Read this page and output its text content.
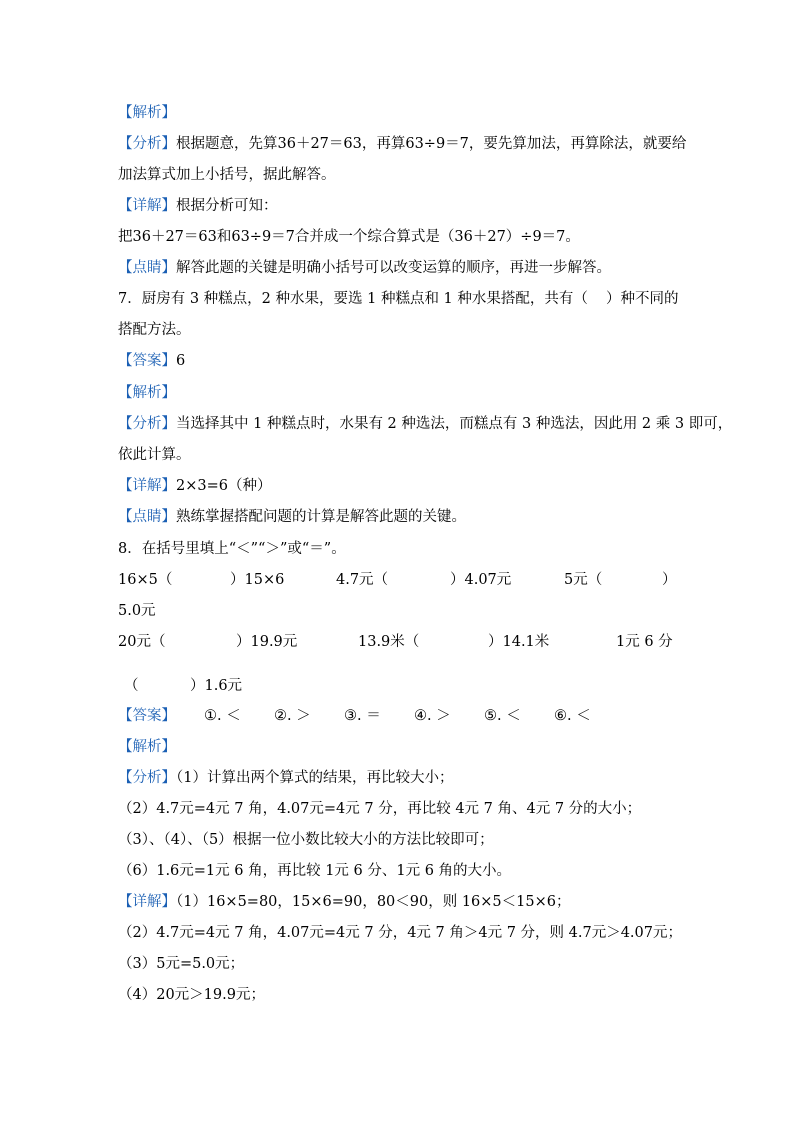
【解析】
【分析】根据题意，先算36＋27＝63，再算63÷9＝7，要先算加法，再算除法，就要给
加法算式加上小括号，据此解答。
【详解】根据分析可知：
把36＋27＝63和63÷9＝7合并成一个综合算式是（36＋27）÷9＝7。
【点睛】解答此题的关键是明确小括号可以改变运算的顺序，再进一步解答。
7．厨房有 3 种糕点，2 种水果，要选 1 种糕点和 1 种水果搭配，共有（ ）种不同的
搭配方法。
【答案】6
【解析】
【分析】当选择其中 1 种糕点时，水果有 2 种选法，而糕点有 3 种选法，因此用 2 乘 3 即可，
依此计算。
【详解】2×3=6（种）
【点睛】熟练掌握搭配问题的计算是解答此题的关键。
8．在括号里填上“＜”“＞”或“＝”。
16×5（	）15×6	4.7元（	）4.07元	5元（	）
5.0元
20元（	）19.9元	13.9米（	）14.1米	1元 6 分
（	）1.6元
【答案】 ①. ＜ ②. ＞ ③. ＝ ④. ＞ ⑤. ＜ ⑥. ＜
【解析】
【分析】（1）计算出两个算式的结果，再比较大小；
（2）4.7元=4元 7 角，4.07元=4元 7 分，再比较 4元 7 角、4元 7 分的大小；
（3）、（4）、（5）根据一位小数比较大小的方法比较即可；
（6）1.6元=1元 6 角，再比较 1元 6 分、1元 6 角的大小。
【详解】（1）16×5=80，15×6=90，80＜90，则 16×5＜15×6；
（2）4.7元=4元 7 角，4.07元=4元 7 分，4元 7 角＞4元 7 分，则 4.7元＞4.07元；
（3）5元=5.0元；
（4）20元＞19.9元；
